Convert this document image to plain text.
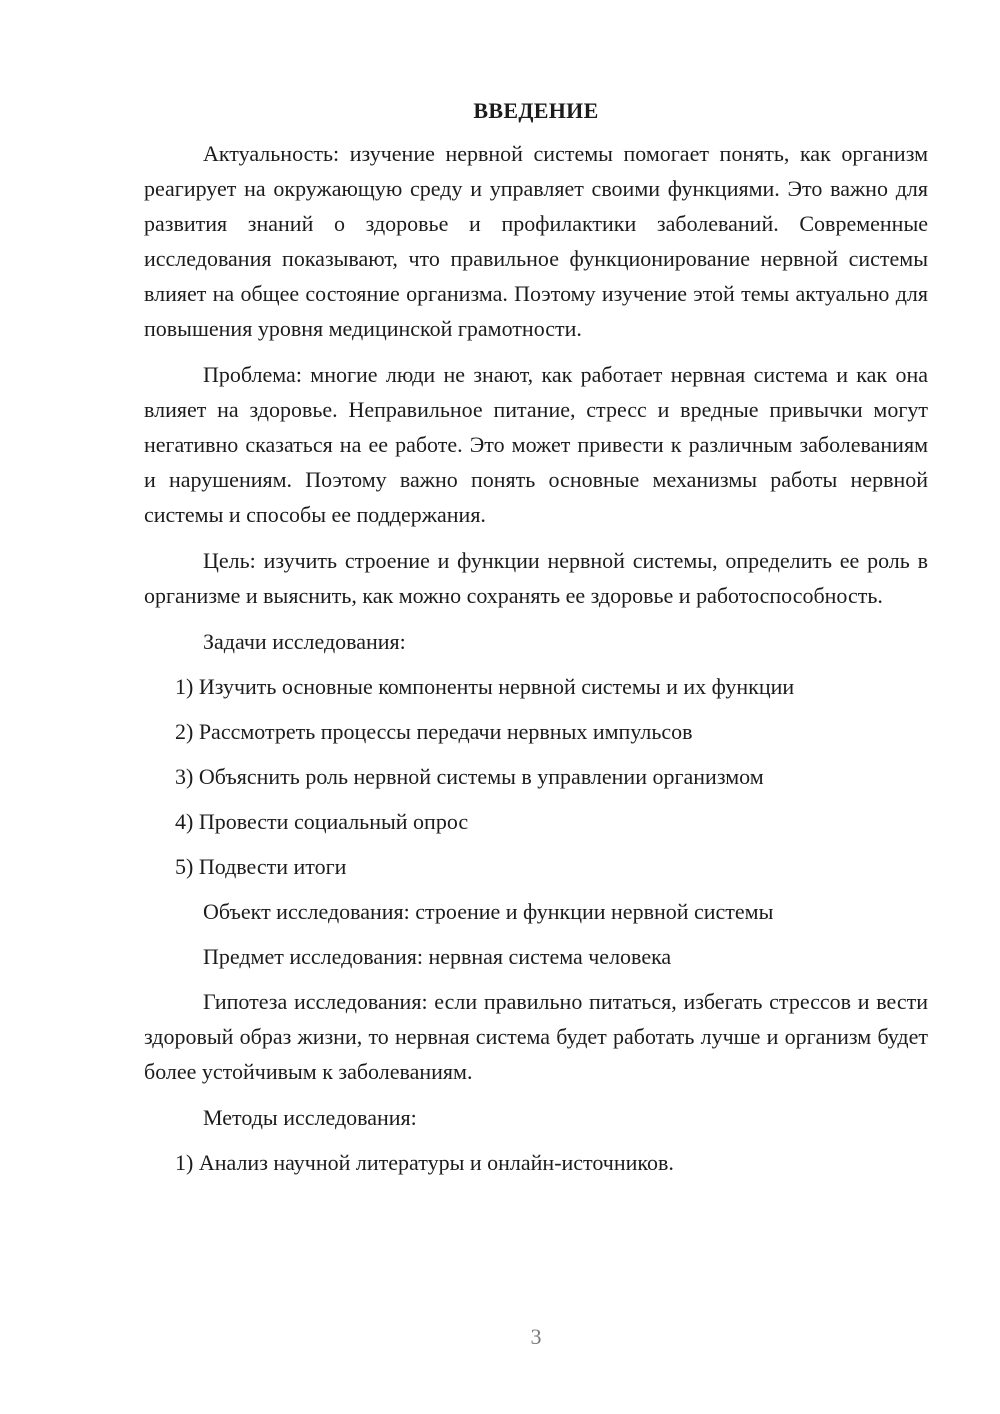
ВВЕДЕНИЕ

Актуальность: изучение нервной системы помогает понять, как организм реагирует на окружающую среду и управляет своими функциями. Это важно для развития знаний о здоровье и профилактики заболеваний. Современные исследования показывают, что правильное функционирование нервной системы влияет на общее состояние организма. Поэтому изучение этой темы актуально для повышения уровня медицинской грамотности.

Проблема: многие люди не знают, как работает нервная система и как она влияет на здоровье. Неправильное питание, стресс и вредные привычки могут негативно сказаться на ее работе. Это может привести к различным заболеваниям и нарушениям. Поэтому важно понять основные механизмы работы нервной системы и способы ее поддержания.

Цель: изучить строение и функции нервной системы, определить ее роль в организме и выяснить, как можно сохранять ее здоровье и работоспособность.

Задачи исследования:
1) Изучить основные компоненты нервной системы и их функции
2) Рассмотреть процессы передачи нервных импульсов
3) Объяснить роль нервной системы в управлении организмом
4) Провести социальный опрос
5) Подвести итоги
Объект исследования: строение и функции нервной системы
Предмет исследования: нервная система человека

Гипотеза исследования: если правильно питаться, избегать стрессов и вести здоровый образ жизни, то нервная система будет работать лучше и организм будет более устойчивым к заболеваниям.

Методы исследования:
1) Анализ научной литературы и онлайн-источников.
3
